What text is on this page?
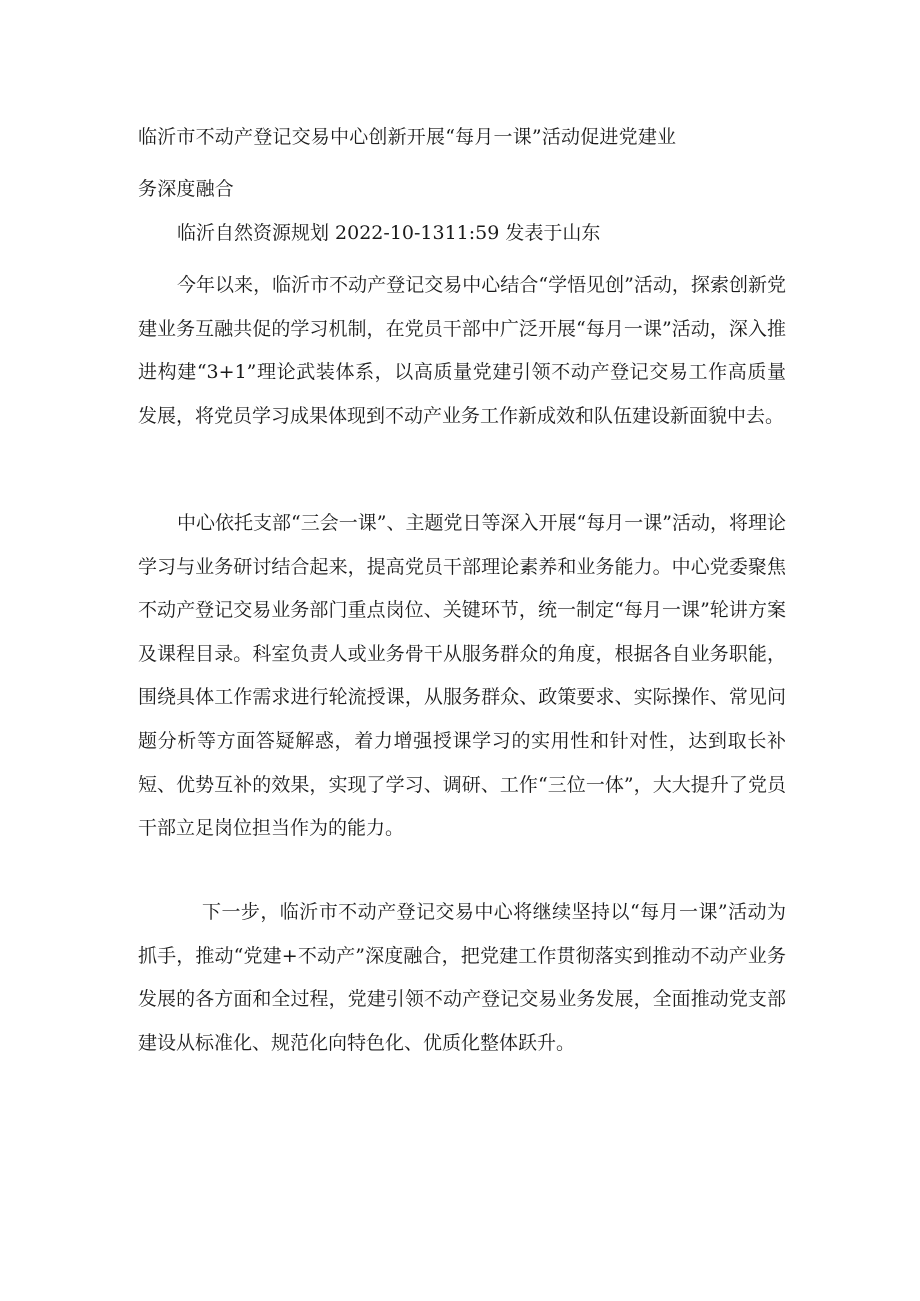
临沂市不动产登记交易中心创新开展“每月一课”活动促进党建业
务深度融合
临沂自然资源规划 2022-10-1311:59 发表于山东

今年以来，临沂市不动产登记交易中心结合“学悟见创”活动，探索创新党建业务互融共促的学习机制，在党员干部中广泛开展“每月一课”活动，深入推进构建“3+1”理论武装体系，以高质量党建引领不动产登记交易工作高质量发展，将党员学习成果体现到不动产业务工作新成效和队伍建设新面貌中去。

中心依托支部“三会一课”、主题党日等深入开展“每月一课”活动，将理论学习与业务研讨结合起来，提高党员干部理论素养和业务能力。中心党委聚焦不动产登记交易业务部门重点岗位、关键环节，统一制定“每月一课”轮讲方案及课程目录。科室负责人或业务骨干从服务群众的角度，根据各自业务职能，围绕具体工作需求进行轮流授课，从服务群众、政策要求、实际操作、常见问题分析等方面答疑解惑，着力增强授课学习的实用性和针对性，达到取长补短、优势互补的效果，实现了学习、调研、工作“三位一体”，大大提升了党员干部立足岗位担当作为的能力。

下一步，临沂市不动产登记交易中心将继续坚持以“每月一课”活动为抓手，推动“党建+不动产”深度融合，把党建工作贯彻落实到推动不动产业务发展的各方面和全过程，党建引领不动产登记交易业务发展，全面推动党支部建设从标准化、规范化向特色化、优质化整体跃升。
